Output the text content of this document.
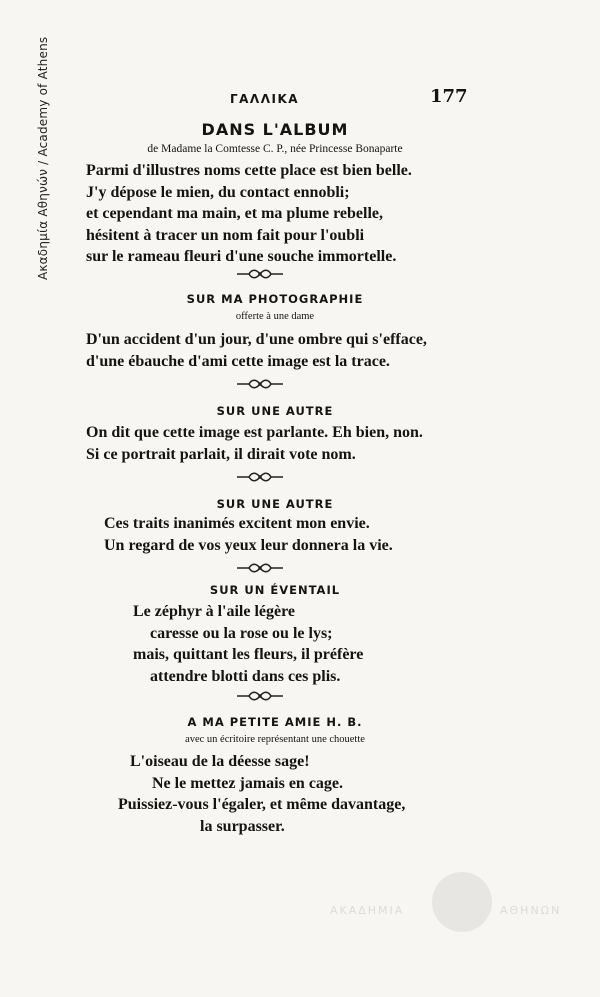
Ακαδημία Αθηνών / Academy of Athens	ΓΑΛΛΙΚΑ	177
DANS L'ALBUM
de Madame la Comtesse C. P., née Princesse Bonaparte
Parmi d'illustres noms cette place est bien belle.
J'y dépose le mien, du contact ennobli;
et cependant ma main, et ma plume rebelle,
hésitent à tracer un nom fait pour l'oubli
sur le rameau fleuri d'une souche immortelle.
SUR MA PHOTOGRAPHIE
offerte à une dame
D'un accident d'un jour, d'une ombre qui s'efface,
d'une ébauche d'ami cette image est la trace.
SUR UNE AUTRE
On dit que cette image est parlante. Eh bien, non.
Si ce portrait parlait, il dirait vote nom.
SUR UNE AUTRE
Ces traits inanimés excitent mon envie.
Un regard de vos yeux leur donnera la vie.
SUR UN ÉVENTAIL
Le zéphyr à l'aile légère
caresse ou la rose ou le lys;
mais, quittant les fleurs, il préfère
attendre blotti dans ces plis.
A MA PETITE AMIE H. B.
avec un écritoire représentant une chouette
L'oiseau de la déesse sage!
Ne le mettez jamais en cage.
Puissiez-vous l'égaler, et même davantage,
la surpasser.
ΑΚΑΔΗΜΙΑ	ΑΘΗΝΩΝ
